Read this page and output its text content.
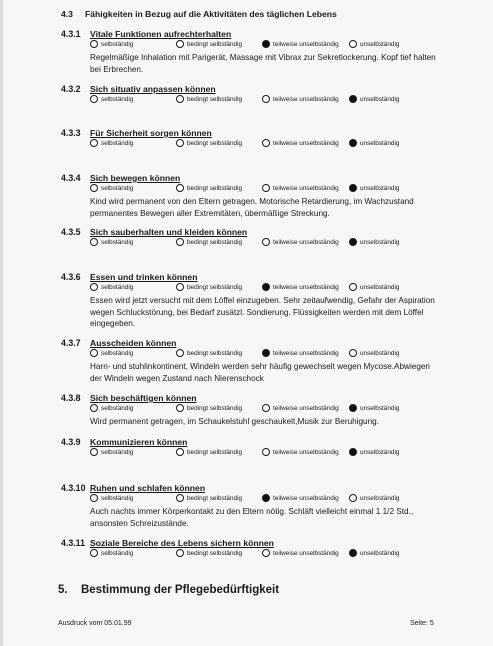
4.3 Fähigkeiten in Bezug auf die Aktivitäten des täglichen Lebens
4.3.1 Vitale Funktionen aufrechterhalten
selbständig	bedingt selbständig	teilweise unselbständig	unselbständig
Regelmäßige Inhalation mit Parigerät, Massage mit Vibrax zur Sekretlockerung. Kopf tief halten bei Erbrechen.
4.3.2 Sich situativ anpassen können
selbständig	bedingt selbständig	teilweise unselbständig	unselbständig
4.3.3 Für Sicherheit sorgen können
selbständig	bedingt selbständig	teilweise unselbständig	unselbständig
4.3.4 Sich bewegen können
selbständig	bedingt selbständig	teilweise unselbständig	unselbständig
Kind wird permanent von den Eltern getragen. Motorische Retardierung, im Wachzustand permanentes Bewegen aller Extremitäten, übermäßige Streckung.
4.3.5 Sich sauberhalten und kleiden können
selbständig	bedingt selbständig	teilweise unselbständig	unselbständig
4.3.6 Essen und trinken können
selbständig	bedingt selbständig	teilweise unselbständig	unselbständig
Essen wird jetzt versucht mit dem Löffel einzugeben. Sehr zeitaufwendig, Gefahr der Aspiration wegen Schluckstörung, bei Bedarf zusätzl. Sondierung. Flüssigkeiten werden mit dem Löffel eingegeben.
4.3.7 Ausscheiden können
selbständig	bedingt selbständig	teilweise unselbständig	unselbständig
Harn- und stuhlinkontinent, Windeln werden sehr häufig gewechselt wegen Mycose.Abwiegen der Windeln wegen Zustand nach Nierenschock
4.3.8 Sich beschäftigen können
selbständig	bedingt selbständig	teilweise unselbständig	unselbständig
Wird permanent getragen, im Schaukelstuhl geschaukelt,Musik zur Beruhigung.
4.3.9 Kommunizieren können
selbständig	bedingt selbständig	teilweise unselbständig	unselbständig
4.3.10 Ruhen und schlafen können
selbständig	bedingt selbständig	teilweise unselbständig	unselbständig
Auch nachts immer Körperkontakt zu den Eltern nötig. Schläft vielleicht einmal 1 1/2 Std., ansonsten Schreizustände.
4.3.11 Soziale Bereiche des Lebens sichern können
selbständig	bedingt selbständig	teilweise unselbständig	unselbständig
5. Bestimmung der Pflegebedürftigkeit
Ausdruck vom 05.01.99	Seite: 5
